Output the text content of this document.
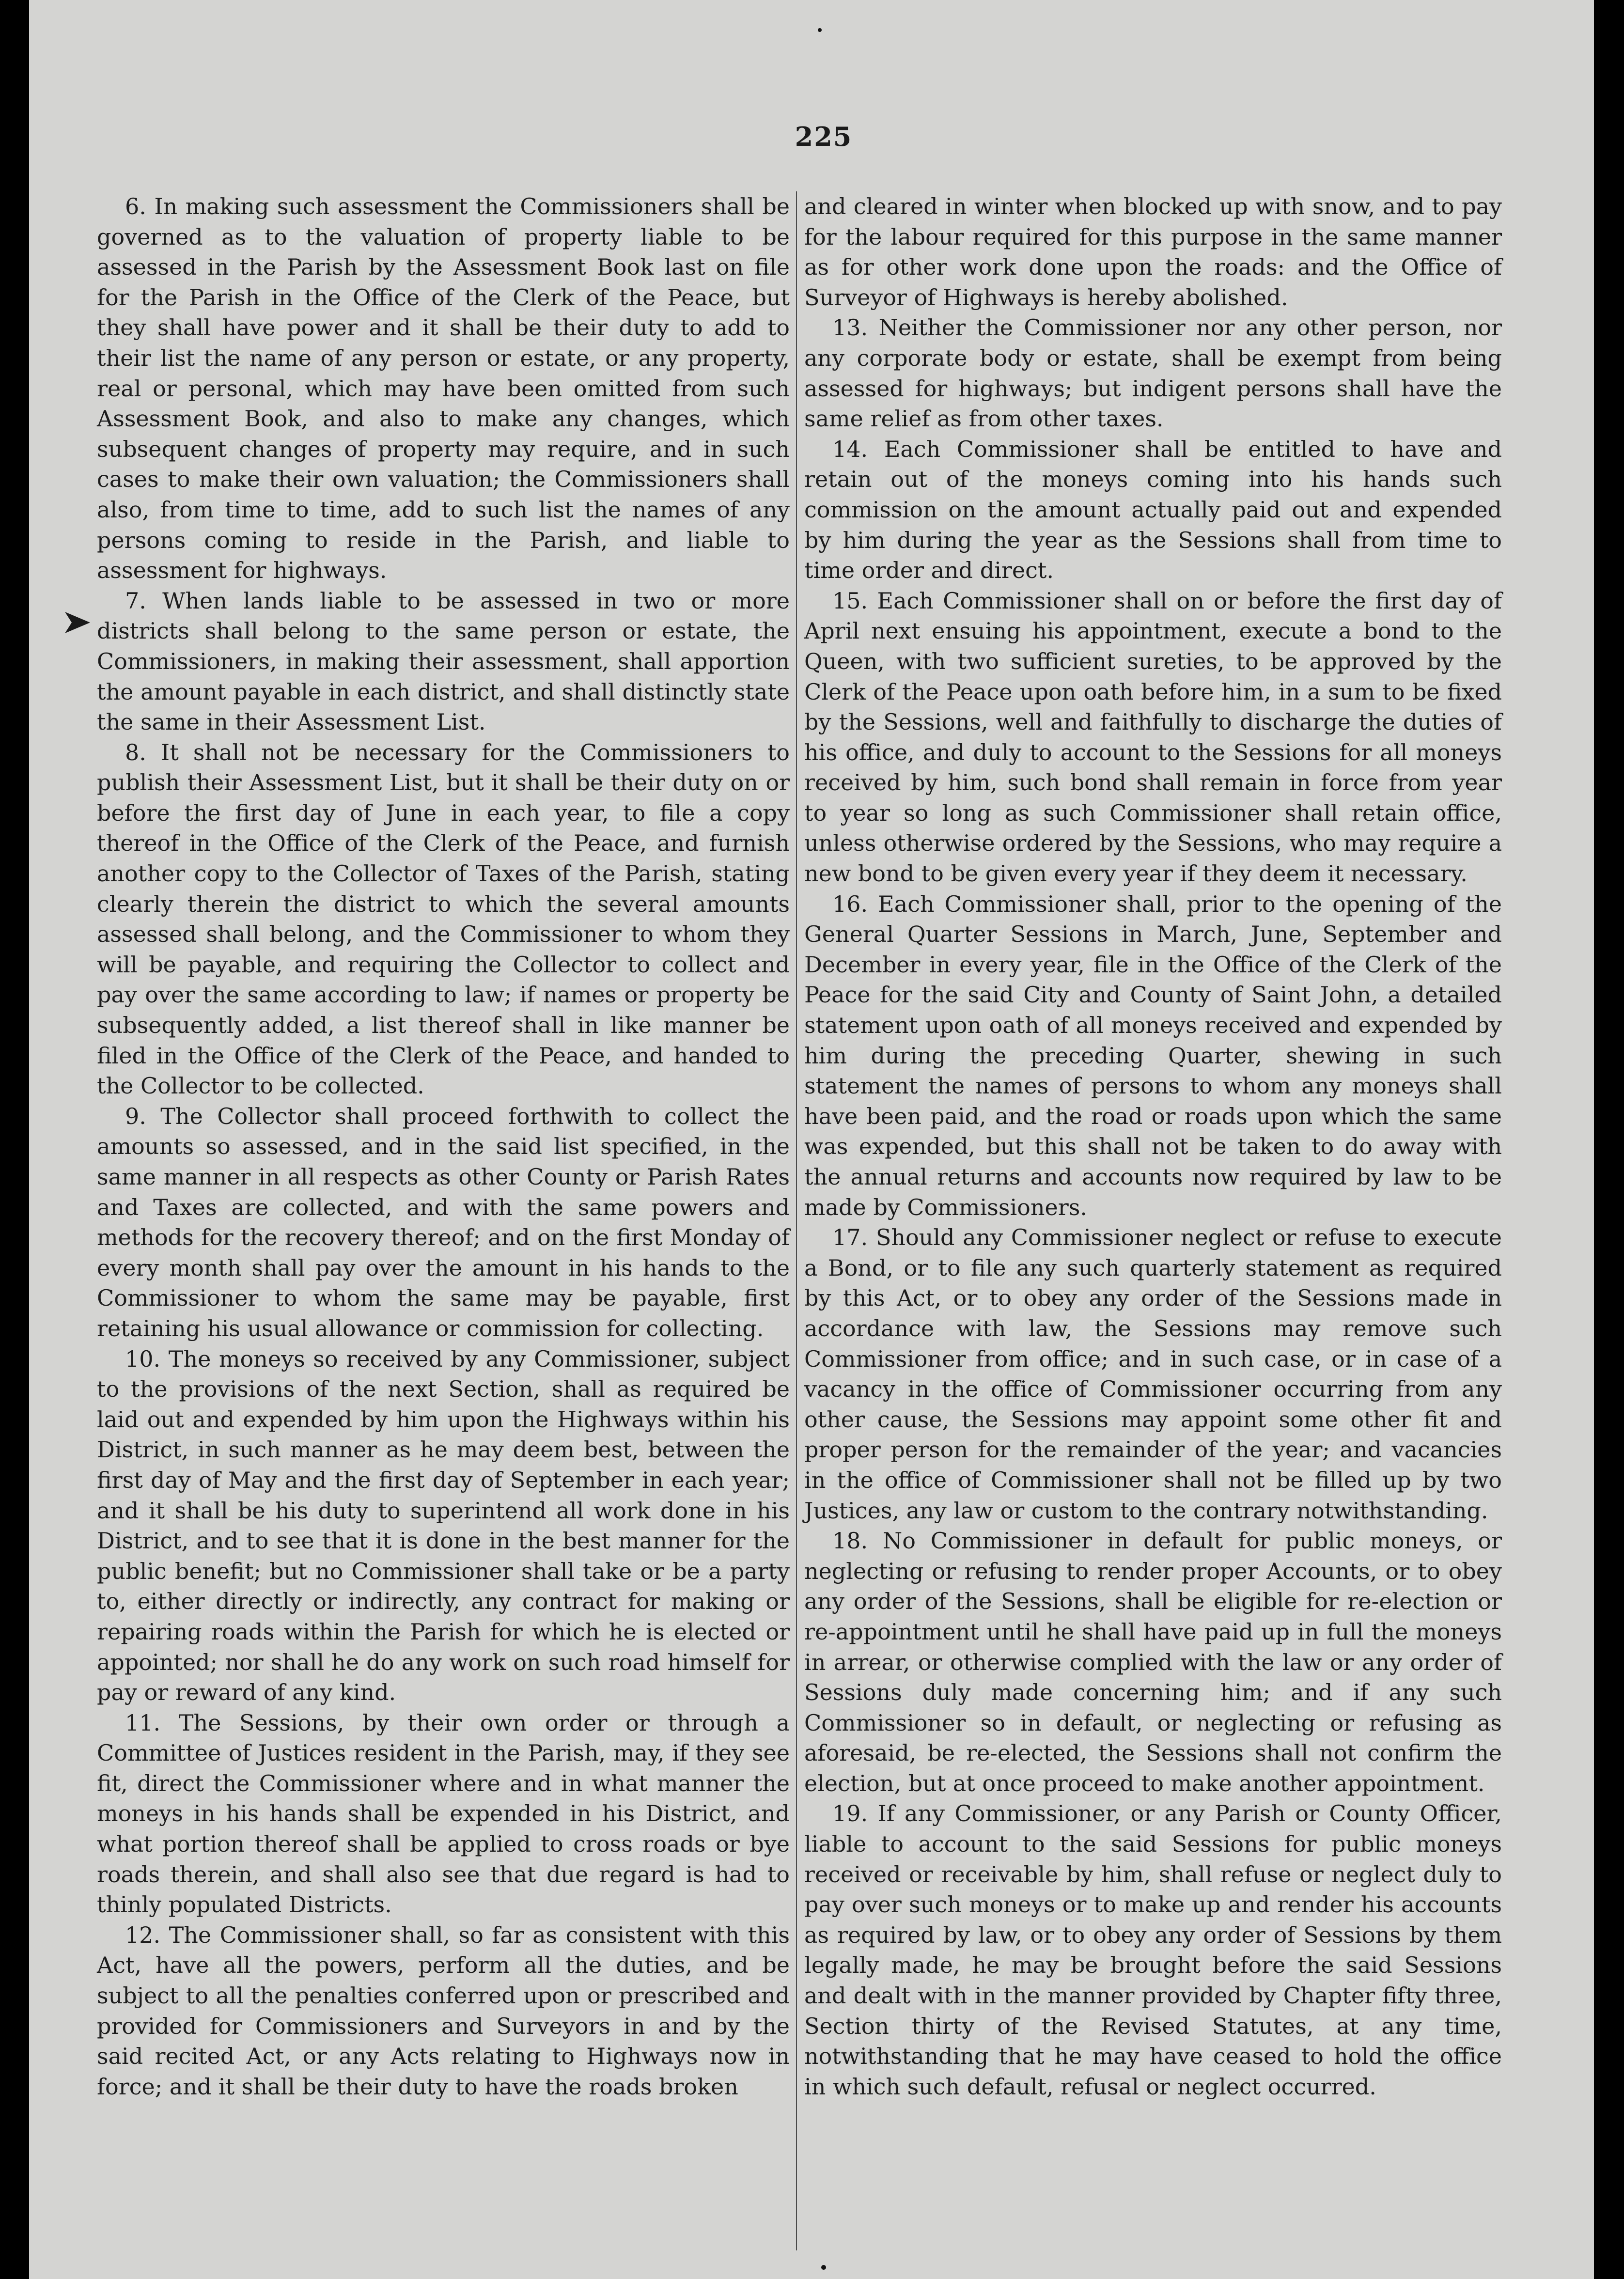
225

6. In making such assessment the Commissioners shall be governed as to the valuation of property liable to be assessed in the Parish by the Assessment Book last on file for the Parish in the Office of the Clerk of the Peace, but they shall have power and it shall be their duty to add to their list the name of any person or estate, or any property, real or personal, which may have been omitted from such Assessment Book, and also to make any changes, which subsequent changes of property may require, and in such cases to make their own valuation; the Commissioners shall also, from time to time, add to such list the names of any persons coming to reside in the Parish, and liable to assessment for highways.

7. When lands liable to be assessed in two or more districts shall belong to the same person or estate, the Commissioners, in making their assessment, shall apportion the amount payable in each district, and shall distinctly state the same in their Assessment List.

8. It shall not be necessary for the Commissioners to publish their Assessment List, but it shall be their duty on or before the first day of June in each year, to file a copy thereof in the Office of the Clerk of the Peace, and furnish another copy to the Collector of Taxes of the Parish, stating clearly therein the district to which the several amounts assessed shall belong, and the Commissioner to whom they will be payable, and requiring the Collector to collect and pay over the same according to law; if names or property be subsequently added, a list thereof shall in like manner be filed in the Office of the Clerk of the Peace, and handed to the Collector to be collected.

9. The Collector shall proceed forthwith to collect the amounts so assessed, and in the said list specified, in the same manner in all respects as other County or Parish Rates and Taxes are collected, and with the same powers and methods for the recovery thereof; and on the first Monday of every month shall pay over the amount in his hands to the Commissioner to whom the same may be payable, first retaining his usual allowance or commission for collecting.

10. The moneys so received by any Commissioner, subject to the provisions of the next Section, shall as required be laid out and expended by him upon the Highways within his District, in such manner as he may deem best, between the first day of May and the first day of September in each year; and it shall be his duty to superintend all work done in his District, and to see that it is done in the best manner for the public benefit; but no Commissioner shall take or be a party to, either directly or indirectly, any contract for making or repairing roads within the Parish for which he is elected or appointed; nor shall he do any work on such road himself for pay or reward of any kind.

11. The Sessions, by their own order or through a Committee of Justices resident in the Parish, may, if they see fit, direct the Commissioner where and in what manner the moneys in his hands shall be expended in his District, and what portion thereof shall be applied to cross roads or bye roads therein, and shall also see that due regard is had to thinly populated Districts.

12. The Commissioner shall, so far as consistent with this Act, have all the powers, perform all the duties, and be subject to all the penalties conferred upon or prescribed and provided for Commissioners and Surveyors in and by the said recited Act, or any Acts relating to Highways now in force; and it shall be their duty to have the roads broken

and cleared in winter when blocked up with snow, and to pay for the labour required for this purpose in the same manner as for other work done upon the roads: and the Office of Surveyor of Highways is hereby abolished.

13. Neither the Commissioner nor any other person, nor any corporate body or estate, shall be exempt from being assessed for highways; but indigent persons shall have the same relief as from other taxes.

14. Each Commissioner shall be entitled to have and retain out of the moneys coming into his hands such commission on the amount actually paid out and expended by him during the year as the Sessions shall from time to time order and direct.

15. Each Commissioner shall on or before the first day of April next ensuing his appointment, execute a bond to the Queen, with two sufficient sureties, to be approved by the Clerk of the Peace upon oath before him, in a sum to be fixed by the Sessions, well and faithfully to discharge the duties of his office, and duly to account to the Sessions for all moneys received by him, such bond shall remain in force from year to year so long as such Commissioner shall retain office, unless otherwise ordered by the Sessions, who may require a new bond to be given every year if they deem it necessary.

16. Each Commissioner shall, prior to the opening of the General Quarter Sessions in March, June, September and December in every year, file in the Office of the Clerk of the Peace for the said City and County of Saint John, a detailed statement upon oath of all moneys received and expended by him during the preceding Quarter, shewing in such statement the names of persons to whom any moneys shall have been paid, and the road or roads upon which the same was expended, but this shall not be taken to do away with the annual returns and accounts now required by law to be made by Commissioners.

17. Should any Commissioner neglect or refuse to execute a Bond, or to file any such quarterly statement as required by this Act, or to obey any order of the Sessions made in accordance with law, the Sessions may remove such Commissioner from office; and in such case, or in case of a vacancy in the office of Commissioner occurring from any other cause, the Sessions may appoint some other fit and proper person for the remainder of the year; and vacancies in the office of Commissioner shall not be filled up by two Justices, any law or custom to the contrary notwithstanding.

18. No Commissioner in default for public moneys, or neglecting or refusing to render proper Accounts, or to obey any order of the Sessions, shall be eligible for re-election or re-appointment until he shall have paid up in full the moneys in arrear, or otherwise complied with the law or any order of Sessions duly made concerning him; and if any such Commissioner so in default, or neglecting or refusing as aforesaid, be re-elected, the Sessions shall not confirm the election, but at once proceed to make another appointment.

19. If any Commissioner, or any Parish or County Officer, liable to account to the said Sessions for public moneys received or receivable by him, shall refuse or neglect duly to pay over such moneys or to make up and render his accounts as required by law, or to obey any order of Sessions by them legally made, he may be brought before the said Sessions and dealt with in the manner provided by Chapter fifty three, Section thirty of the Revised Statutes, at any time, notwithstanding that he may have ceased to hold the office in which such default, refusal or neglect occurred.
